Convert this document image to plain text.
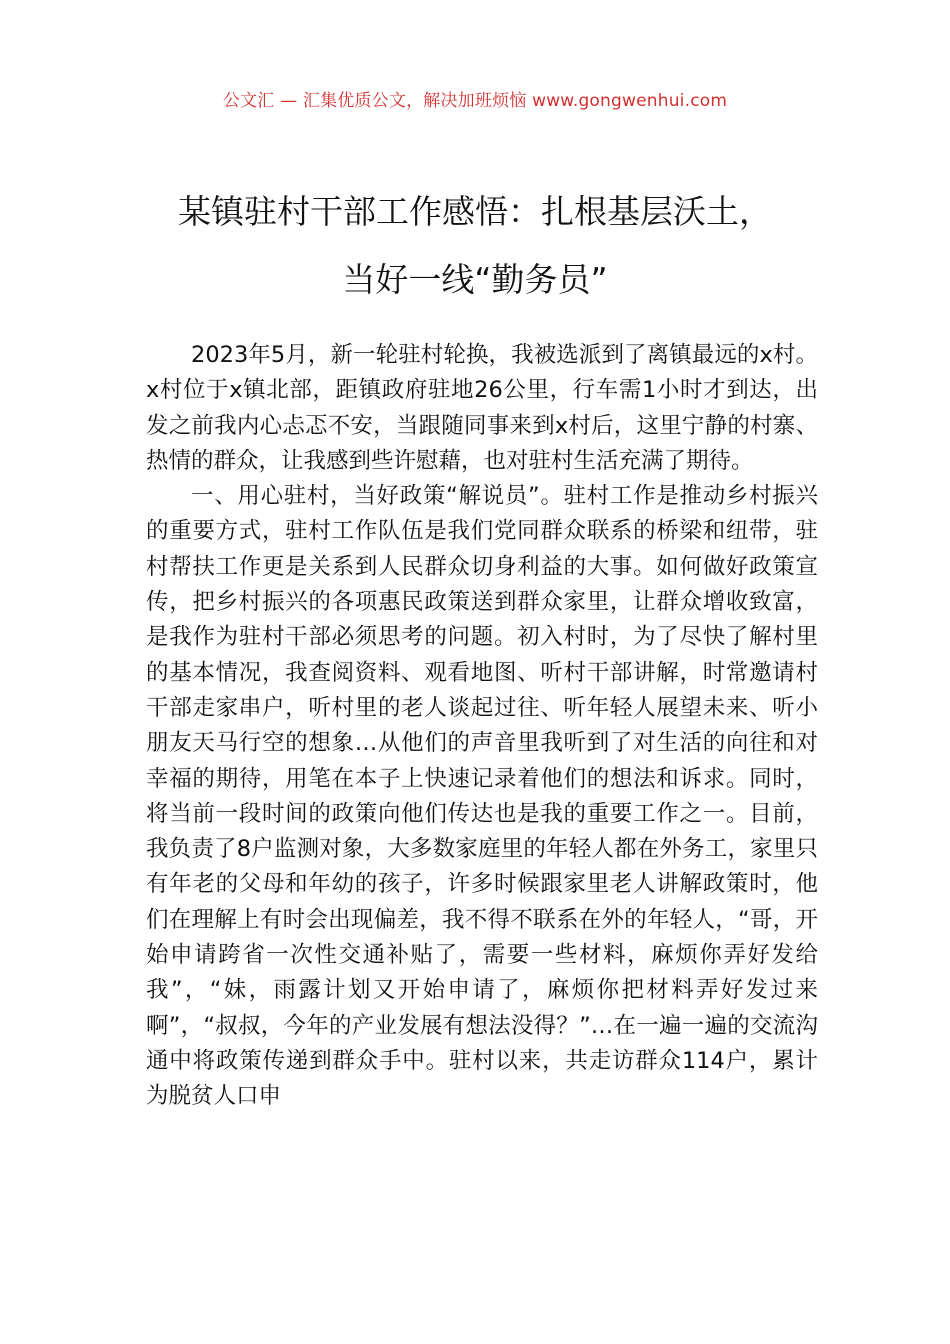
公文汇 — 汇集优质公文，解决加班烦恼 www.gongwenhui.com
某镇驻村干部工作感悟：扎根基层沃土，
当好一线“勤务员”

2023年5月，新一轮驻村轮换，我被选派到了离镇最远的x村。x村位于x镇北部，距镇政府驻地26公里，行车需1小时才到达，出发之前我内心忐忑不安，当跟随同事来到x村后，这里宁静的村寨、热情的群众，让我感到些许慰藉，也对驻村生活充满了期待。

一、用心驻村，当好政策“解说员”。驻村工作是推动乡村振兴的重要方式，驻村工作队伍是我们党同群众联系的桥梁和纽带，驻村帮扶工作更是关系到人民群众切身利益的大事。如何做好政策宣传，把乡村振兴的各项惠民政策送到群众家里，让群众增收致富，是我作为驻村干部必须思考的问题。初入村时，为了尽快了解村里的基本情况，我查阅资料、观看地图、听村干部讲解，时常邀请村干部走家串户，听村里的老人谈起过往、听年轻人展望未来、听小朋友天马行空的想象…从他们的声音里我听到了对生活的向往和对幸福的期待，用笔在本子上快速记录着他们的想法和诉求。同时，将当前一段时间的政策向他们传达也是我的重要工作之一。目前，我负责了8户监测对象，大多数家庭里的年轻人都在外务工，家里只有年老的父母和年幼的孩子，许多时候跟家里老人讲解政策时，他们在理解上有时会出现偏差，我不得不联系在外的年轻人，“哥，开始申请跨省一次性交通补贴了，需要一些材料，麻烦你弄好发给我”，“妹，雨露计划又开始申请了，麻烦你把材料弄好发过来啊”，“叔叔，今年的产业发展有想法没得？”…在一遍一遍的交流沟通中将政策传递到群众手中。驻村以来，共走访群众114户，累计为脱贫人口申
